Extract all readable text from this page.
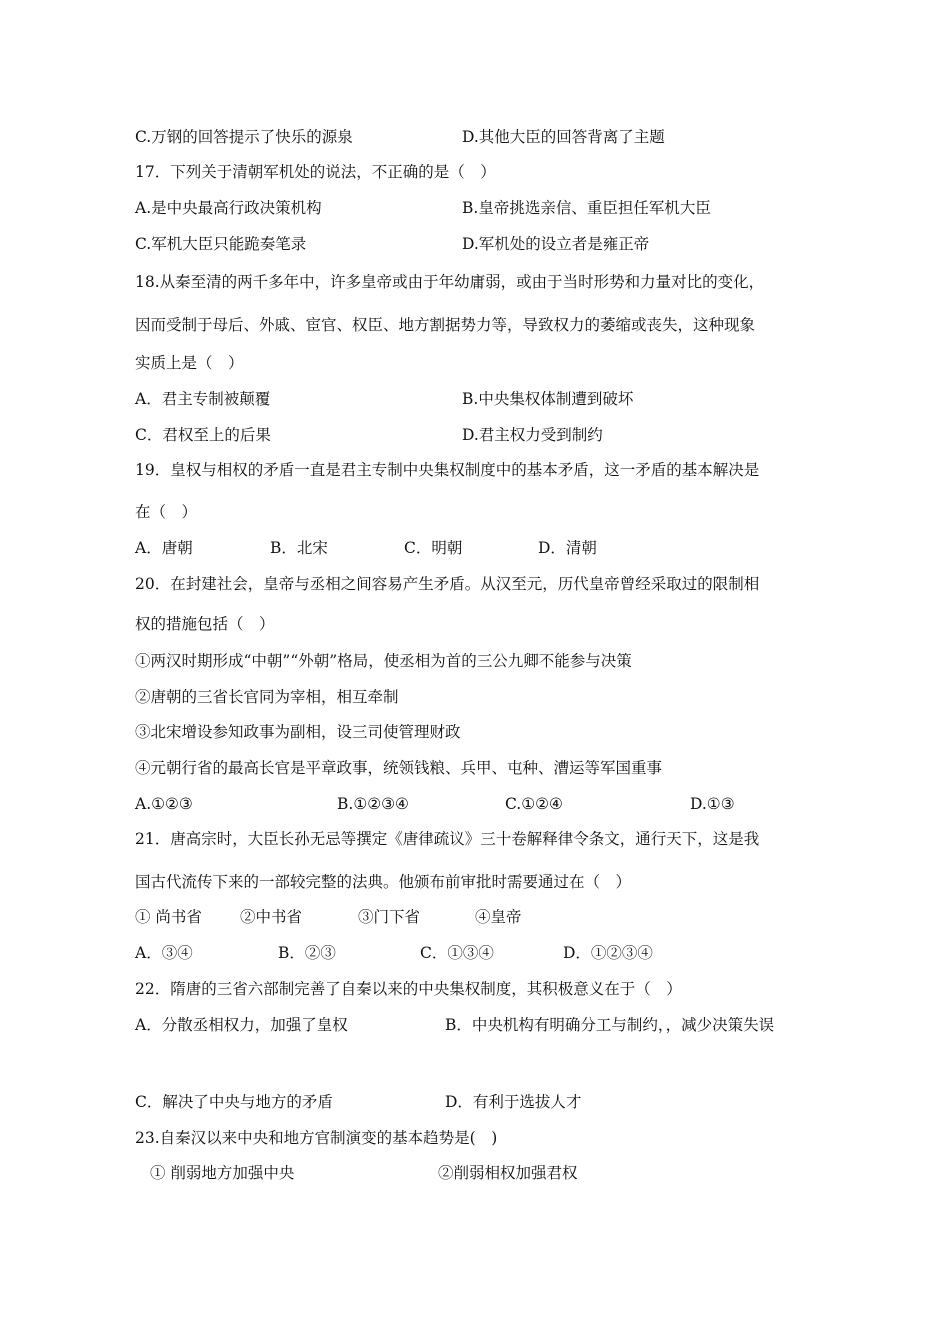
C.万钢的回答提示了快乐的源泉	D.其他大臣的回答背离了主题
17．下列关于清朝军机处的说法，不正确的是（　）
A.是中央最高行政决策机构	B.皇帝挑选亲信、重臣担任军机大臣
C.军机大臣只能跪奏笔录	D.军机处的设立者是雍正帝
18.从秦至清的两千多年中，许多皇帝或由于年幼庸弱，或由于当时形势和力量对比的变化，
因而受制于母后、外戚、宦官、权臣、地方割据势力等，导致权力的萎缩或丧失，这种现象
实质上是（　）
A．君主专制被颠覆	B.中央集权体制遭到破坏
C．君权至上的后果	D.君主权力受到制约
19．皇权与相权的矛盾一直是君主专制中央集权制度中的基本矛盾，这一矛盾的基本解决是
在（　）
A．唐朝	B．北宋	C．明朝	D．清朝
20．在封建社会，皇帝与丞相之间容易产生矛盾。从汉至元，历代皇帝曾经采取过的限制相
权的措施包括（　）
①两汉时期形成“中朝”“外朝”格局，使丞相为首的三公九卿不能参与决策
②唐朝的三省长官同为宰相，相互牵制
③北宋增设参知政事为副相，设三司使管理财政
④元朝行省的最高长官是平章政事，统领钱粮、兵甲、屯种、漕运等军国重事
A.①②③	B.①②③④	C.①②④	D.①③
21．唐高宗时，大臣长孙无忌等撰定《唐律疏议》三十卷解释律令条文，通行天下，这是我
国古代流传下来的一部较完整的法典。他颁布前审批时需要通过在（　）
① 尚书省 ②中书省	③门下省	④皇帝
A．③④	B．②③	C．①③④	D．①②③④
22．隋唐的三省六部制完善了自秦以来的中央集权制度，其积极意义在于（　）
A．分散丞相权力，加强了皇权	B．中央机构有明确分工与制约，，减少决策失误
C．解决了中央与地方的矛盾	D．有利于选拔人才
23.自秦汉以来中央和地方官制演变的基本趋势是(　)
① 削弱地方加强中央	②削弱相权加强君权
